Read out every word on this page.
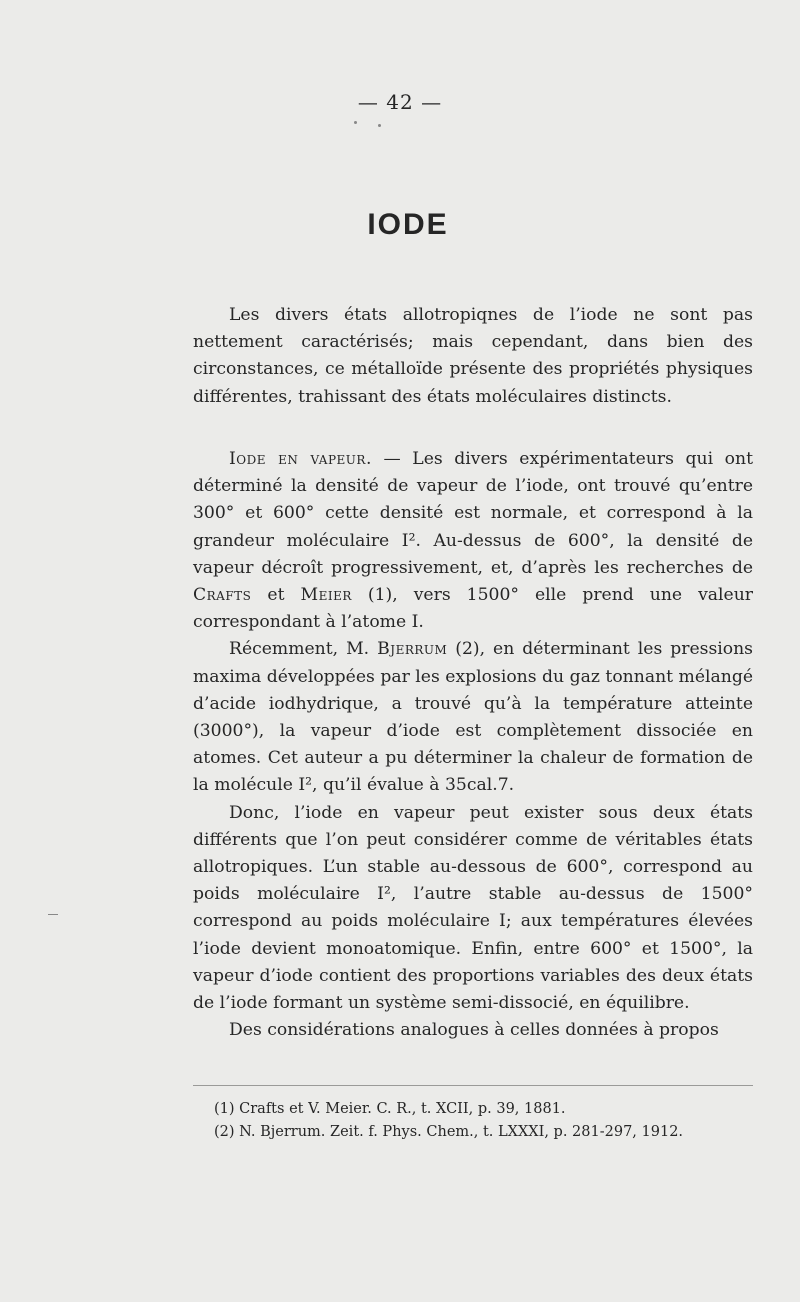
— 42 —
IODE

Les divers états allotropiqnes de l’iode ne sont pas nettement caractérisés; mais cependant, dans bien des circonstances, ce métalloïde présente des propriétés physiques différentes, trahissant des états moléculaires distincts.

Iode en vapeur. — Les divers expérimentateurs qui ont déterminé la densité de vapeur de l’iode, ont trouvé qu’entre 300° et 600° cette densité est normale, et correspond à la grandeur moléculaire I². Au-dessus de 600°, la densité de vapeur décroît progressivement, et, d’après les recherches de Crafts et Meier (1), vers 1500° elle prend une valeur correspondant à l’atome I.

Récemment, M. Bjerrum (2), en déterminant les pressions maxima développées par les explosions du gaz tonnant mélangé d’acide iodhydrique, a trouvé qu’à la température atteinte (3000°), la vapeur d’iode est complètement dissociée en atomes. Cet auteur a pu déterminer la chaleur de formation de la molécule I², qu’il évalue à 35cal.7.

Donc, l’iode en vapeur peut exister sous deux états différents que l’on peut considérer comme de véritables états allotropiques. L’un stable au-dessous de 600°, correspond au poids moléculaire I², l’autre stable au-dessus de 1500° correspond au poids moléculaire I; aux températures élevées l’iode devient monoatomique. Enfin, entre 600° et 1500°, la vapeur d’iode contient des proportions variables des deux états de l’iode formant un système semi-dissocié, en équilibre.

Des considérations analogues à celles données à propos

(1) Crafts et V. Meier. C. R., t. XCII, p. 39, 1881.

(2) N. Bjerrum. Zeit. f. Phys. Chem., t. LXXXI, p. 281-297, 1912.
